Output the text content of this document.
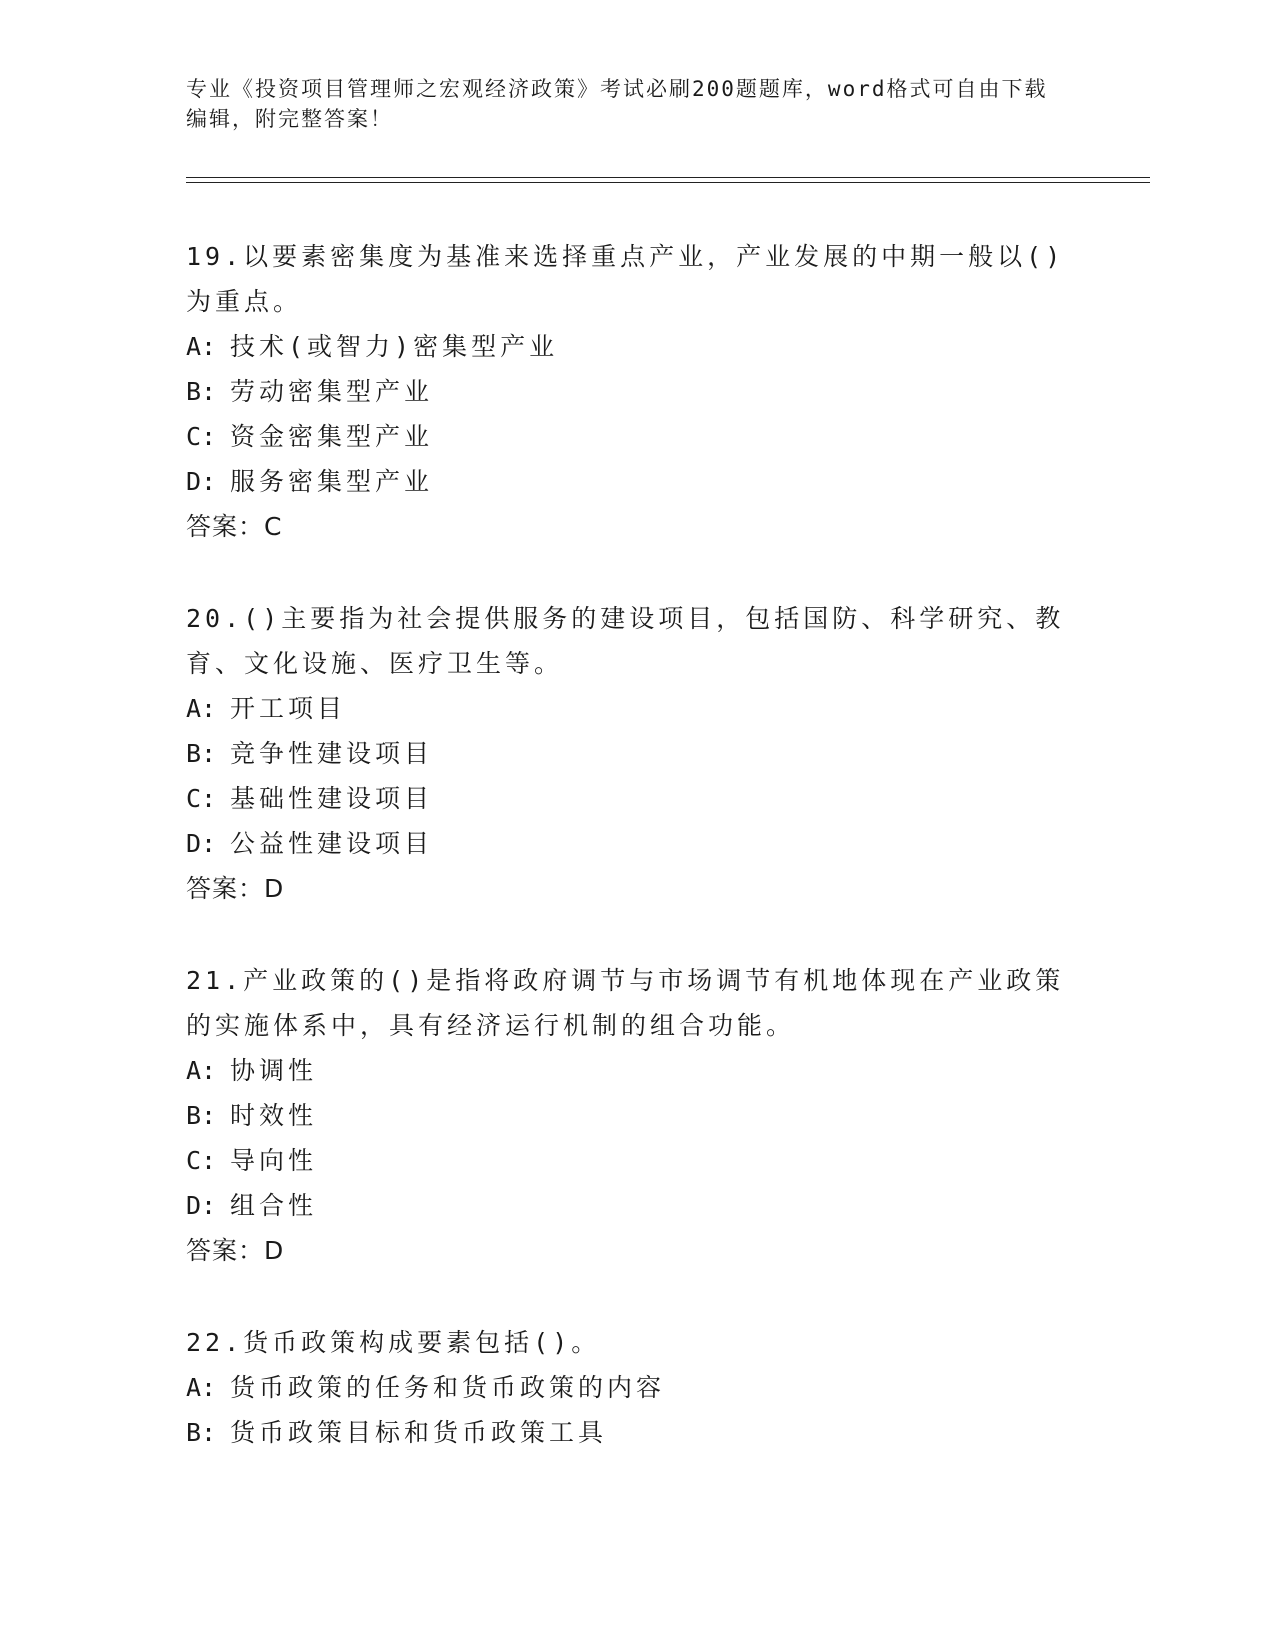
专业《投资项目管理师之宏观经济政策》考试必刷200题题库，word格式可自由下载编辑，附完整答案！

19.以要素密集度为基准来选择重点产业，产业发展的中期一般以()为重点。

A: 技术(或智力)密集型产业

B: 劳动密集型产业

C: 资金密集型产业

D: 服务密集型产业

答案：C

20.()主要指为社会提供服务的建设项目，包括国防、科学研究、教育、文化设施、医疗卫生等。

A: 开工项目

B: 竞争性建设项目

C: 基础性建设项目

D: 公益性建设项目

答案：D

21.产业政策的()是指将政府调节与市场调节有机地体现在产业政策的实施体系中，具有经济运行机制的组合功能。

A: 协调性

B: 时效性

C: 导向性

D: 组合性

答案：D

22.货币政策构成要素包括()。

A: 货币政策的任务和货币政策的内容

B: 货币政策目标和货币政策工具
